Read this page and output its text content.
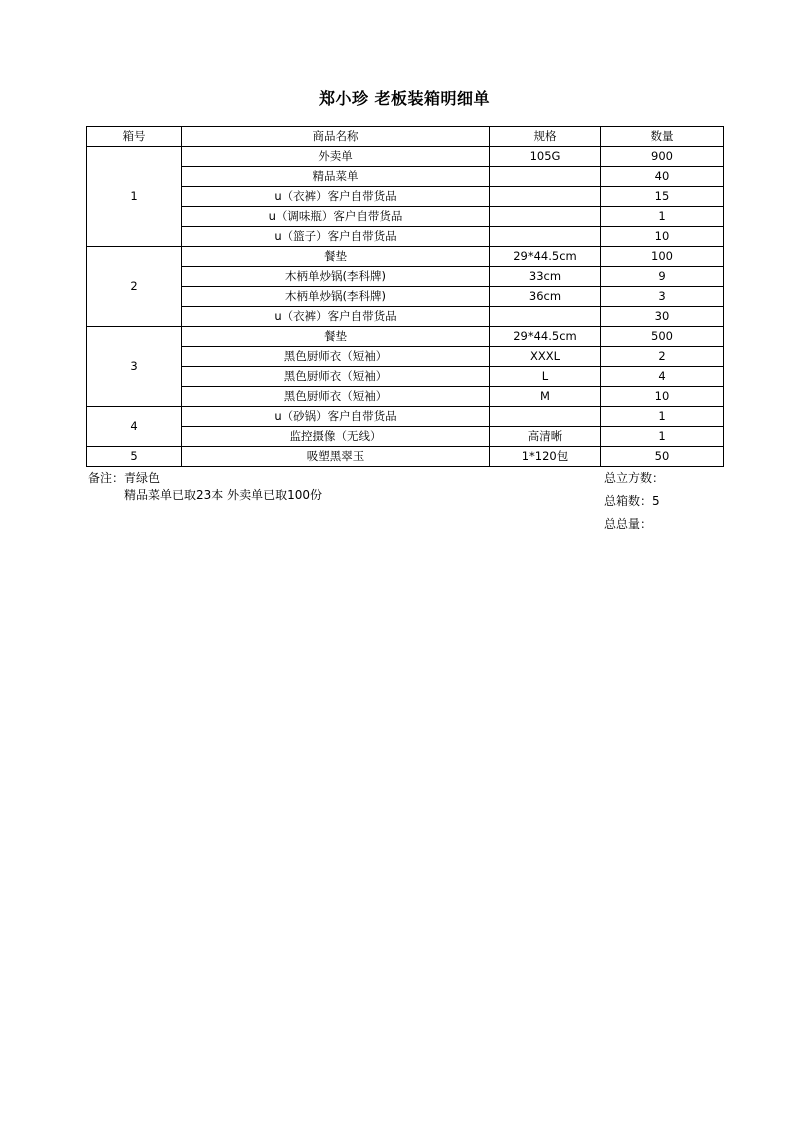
郑小珍 老板装箱明细单
箱号	商品名称	规格	数量
1	外卖单	105G	900
	精品菜单		40
	u（衣裤）客户自带货品		15
	u（调味瓶）客户自带货品		1
	u（篮子）客户自带货品		10
2	餐垫	29*44.5cm	100
	木柄单炒锅(李科牌)	33cm	9
	木柄单炒锅(李科牌)	36cm	3
	u（衣裤）客户自带货品		30
3	餐垫	29*44.5cm	500
	黑色厨师衣（短袖）	XXXL	2
	黑色厨师衣（短袖）	L	4
	黑色厨师衣（短袖）	M	10
4	u（砂锅）客户自带货品		1
	监控摄像（无线）	高清晰	1
5	吸塑黑翠玉	1*120包	50
备注：青绿色
精品菜单已取23本 外卖单已取100份
总立方数：
总箱数：5
总总量：
